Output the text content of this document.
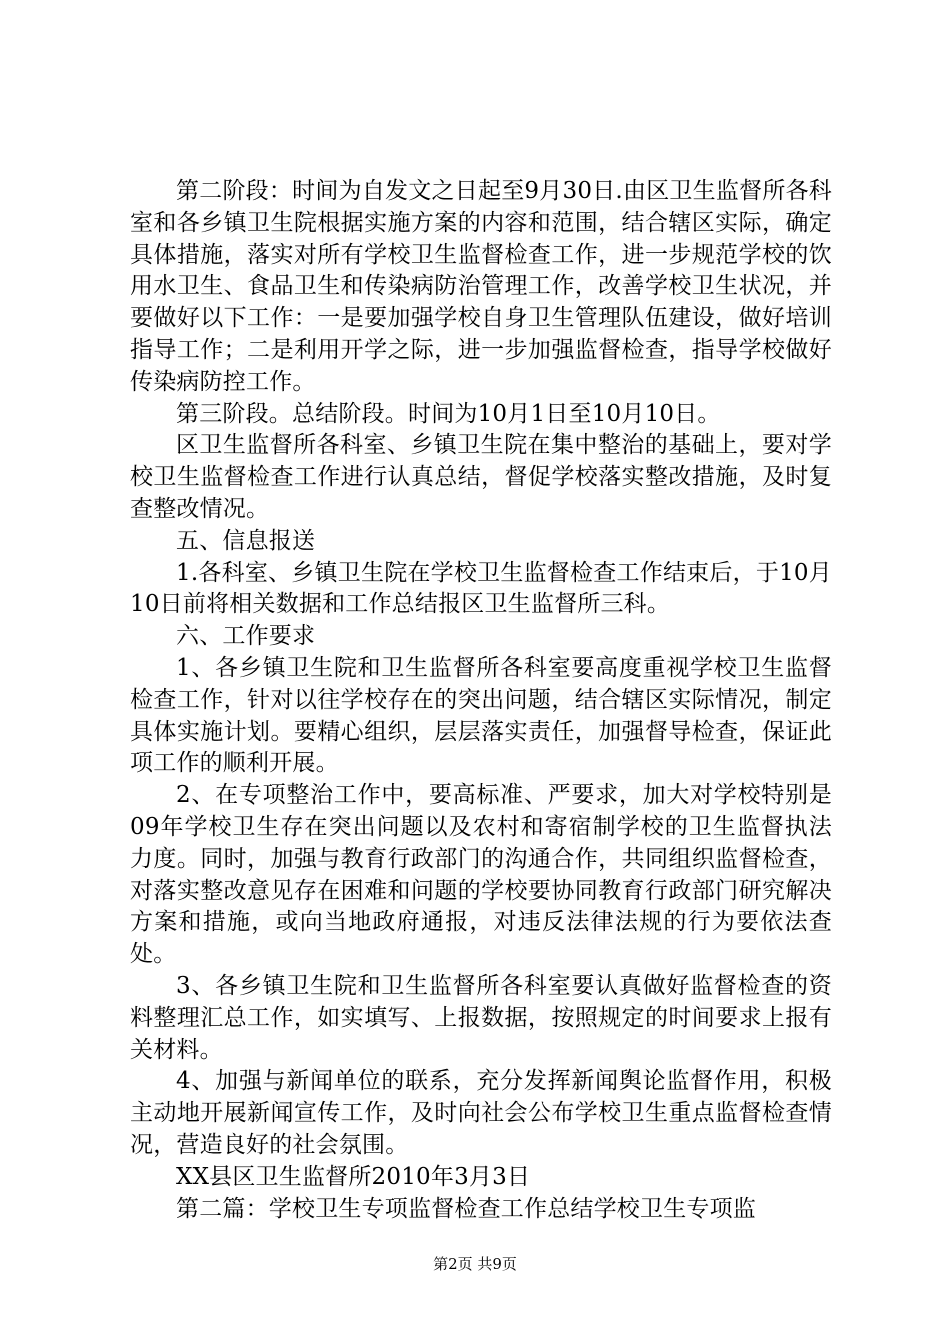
第二阶段：时间为自发文之日起至9月30日.由区卫生监督所各科室和各乡镇卫生院根据实施方案的内容和范围，结合辖区实际，确定具体措施，落实对所有学校卫生监督检查工作，进一步规范学校的饮用水卫生、食品卫生和传染病防治管理工作，改善学校卫生状况，并要做好以下工作：一是要加强学校自身卫生管理队伍建设，做好培训指导工作；二是利用开学之际，进一步加强监督检查，指导学校做好传染病防控工作。

第三阶段。总结阶段。时间为10月1日至10月10日。

区卫生监督所各科室、乡镇卫生院在集中整治的基础上，要对学校卫生监督检查工作进行认真总结，督促学校落实整改措施，及时复查整改情况。

五、信息报送

1.各科室、乡镇卫生院在学校卫生监督检查工作结束后，于10月10日前将相关数据和工作总结报区卫生监督所三科。

六、工作要求

1、各乡镇卫生院和卫生监督所各科室要高度重视学校卫生监督检查工作，针对以往学校存在的突出问题，结合辖区实际情况，制定具体实施计划。要精心组织，层层落实责任，加强督导检查，保证此项工作的顺利开展。

2、在专项整治工作中，要高标准、严要求，加大对学校特别是09年学校卫生存在突出问题以及农村和寄宿制学校的卫生监督执法力度。同时，加强与教育行政部门的沟通合作，共同组织监督检查，对落实整改意见存在困难和问题的学校要协同教育行政部门研究解决方案和措施，或向当地政府通报，对违反法律法规的行为要依法查处。

3、各乡镇卫生院和卫生监督所各科室要认真做好监督检查的资料整理汇总工作，如实填写、上报数据，按照规定的时间要求上报有关材料。

4、加强与新闻单位的联系，充分发挥新闻舆论监督作用，积极主动地开展新闻宣传工作，及时向社会公布学校卫生重点监督检查情况，营造良好的社会氛围。

XX县区卫生监督所2010年3月3日

第二篇：学校卫生专项监督检查工作总结学校卫生专项监

第2页 共9页
